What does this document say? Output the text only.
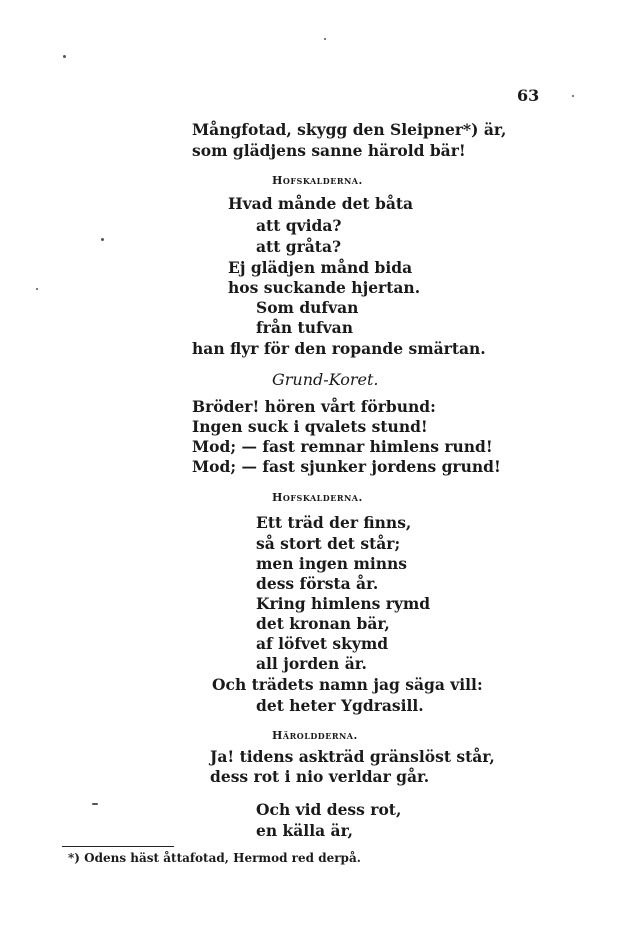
63
Mångfotad, skygg den Sleipner*) är,
som glädjens sanne härold bär!
Hofskalderna.
Hvad månde det båta
att qvida?
att gråta?
Ej glädjen månd bida
hos suckande hjertan.
Som dufvan
från tufvan
han flyr för den ropande smärtan.
Grund-Koret.
Bröder! hören vårt förbund:
Ingen suck i qvalets stund!
Mod; — fast remnar himlens rund!
Mod; — fast sjunker jordens grund!
Hofskalderna.
Ett träd der finns,
så stort det står;
men ingen minns
dess första år.
Kring himlens rymd
det kronan bär,
af löfvet skymd
all jorden är.
Och trädets namn jag säga vill:
det heter Ygdrasill.
Häroldderna.
Ja! tidens askträd gränslöst står,
dess rot i nio verldar går.
Och vid dess rot,
en källa är,
*) Odens häst åttafotad, Hermod red derpå.
